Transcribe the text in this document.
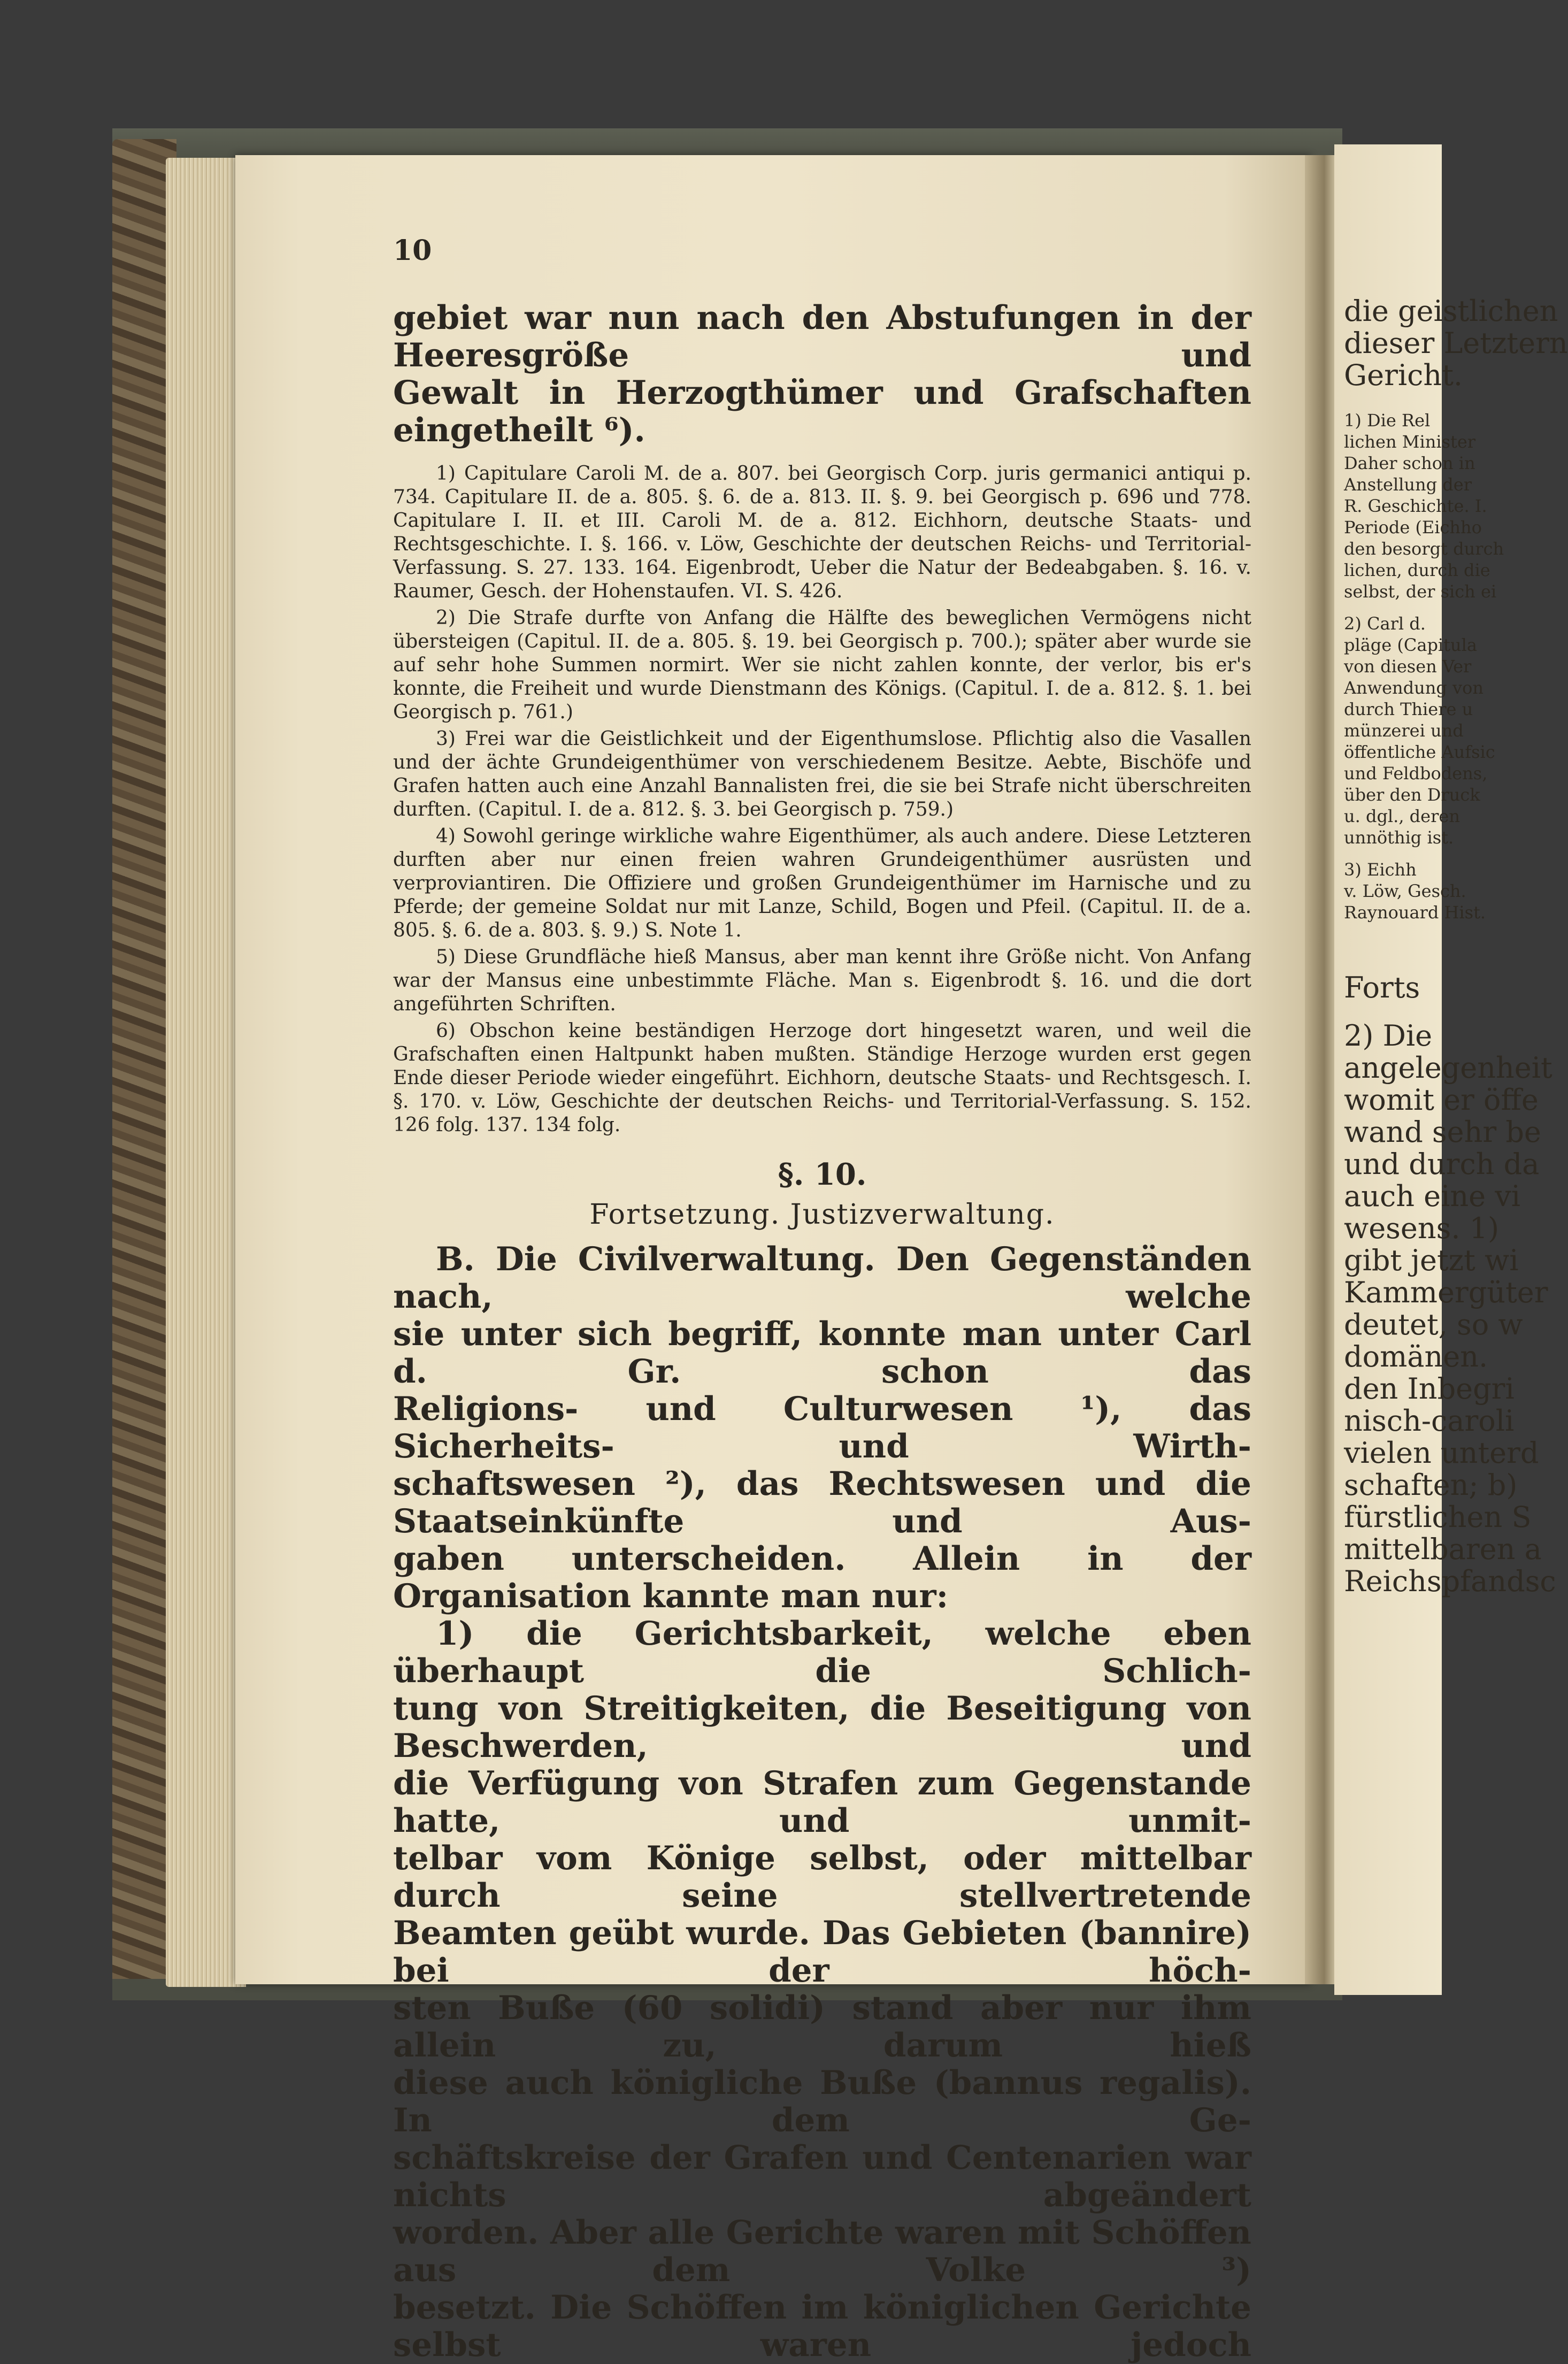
die geistlichen
dieser Letztern
Gericht.
1) Die Rel
lichen Minister
Daher schon in
Anstellung der
R. Geschichte. I.
Periode (Eichho
den besorgt durch
lichen, durch die
selbst, der sich ei
2) Carl d.
pläge (Capitula
von diesen Ver
Anwendung von
durch Thiere u
münzerei und
öffentliche Aufsic
und Feldbodens,
über den Druck
u. dgl., deren
unnöthig ist.
3) Eichh
v. Löw, Gesch.
Raynouard Hist.
Forts
2) Die
angelegenheit
womit er öffe
wand sehr be
und durch da
auch eine vi
wesens. 1)
gibt jetzt wi
Kammergüter
deutet, so w
domänen.
den Inbegri
nisch-caroli
vielen unterd
schaften; b)
fürstlichen S
mittelbaren a
Reichspfandsc
10

gebiet war nun nach den Abstufungen in der Heeresgröße und

Gewalt in Herzogthümer und Grafschaften eingetheilt ⁶).

1) Capitulare Caroli M. de a. 807. bei Georgisch Corp. juris germanici antiqui p. 734. Capitulare II. de a. 805. §. 6. de a. 813. II. §. 9. bei Georgisch p. 696 und 778. Capitulare I. II. et III. Caroli M. de a. 812. Eichhorn, deutsche Staats- und Rechtsgeschichte. I. §. 166. v. Löw, Geschichte der deutschen Reichs- und Territorial-Verfassung. S. 27. 133. 164. Eigenbrodt, Ueber die Natur der Bedeabgaben. §. 16. v. Raumer, Gesch. der Hohenstaufen. VI. S. 426.

2) Die Strafe durfte von Anfang die Hälfte des beweglichen Vermögens nicht übersteigen (Capitul. II. de a. 805. §. 19. bei Georgisch p. 700.); später aber wurde sie auf sehr hohe Summen normirt. Wer sie nicht zahlen konnte, der verlor, bis er's konnte, die Freiheit und wurde Dienstmann des Königs. (Capitul. I. de a. 812. §. 1. bei Georgisch p. 761.)

3) Frei war die Geistlichkeit und der Eigenthumslose. Pflichtig also die Vasallen und der ächte Grundeigenthümer von verschiedenem Besitze. Aebte, Bischöfe und Grafen hatten auch eine Anzahl Bannalisten frei, die sie bei Strafe nicht überschreiten durften. (Capitul. I. de a. 812. §. 3. bei Georgisch p. 759.)

4) Sowohl geringe wirkliche wahre Eigenthümer, als auch andere. Diese Letzteren durften aber nur einen freien wahren Grundeigenthümer ausrüsten und verproviantiren. Die Offiziere und großen Grundeigenthümer im Harnische und zu Pferde; der gemeine Soldat nur mit Lanze, Schild, Bogen und Pfeil. (Capitul. II. de a. 805. §. 6. de a. 803. §. 9.) S. Note 1.

5) Diese Grundfläche hieß Mansus, aber man kennt ihre Größe nicht. Von Anfang war der Mansus eine unbestimmte Fläche. Man s. Eigenbrodt §. 16. und die dort angeführten Schriften.

6) Obschon keine beständigen Herzoge dort hingesetzt waren, und weil die Grafschaften einen Haltpunkt haben mußten. Ständige Herzoge wurden erst gegen Ende dieser Periode wieder eingeführt. Eichhorn, deutsche Staats- und Rechtsgesch. I. §. 170. v. Löw, Geschichte der deutschen Reichs- und Territorial-Verfassung. S. 152. 126 folg. 137. 134 folg.

§. 10.

Fortsetzung. Justizverwaltung.

B. Die Civilverwaltung. Den Gegenständen nach, welche

sie unter sich begriff, konnte man unter Carl d. Gr. schon das

Religions- und Culturwesen ¹), das Sicherheits- und Wirth-

schaftswesen ²), das Rechtswesen und die Staatseinkünfte und Aus-

gaben unterscheiden. Allein in der Organisation kannte man nur:

1) die Gerichtsbarkeit, welche eben überhaupt die Schlich-

tung von Streitigkeiten, die Beseitigung von Beschwerden, und

die Verfügung von Strafen zum Gegenstande hatte, und unmit-

telbar vom Könige selbst, oder mittelbar durch seine stellvertretende

Beamten geübt wurde. Das Gebieten (bannire) bei der höch-

sten Buße (60 solidi) stand aber nur ihm allein zu, darum hieß

diese auch königliche Buße (bannus regalis). In dem Ge-

schäftskreise der Grafen und Centenarien war nichts abgeändert

worden. Aber alle Gerichte waren mit Schöffen aus dem Volke ³)

besetzt. Die Schöffen im königlichen Gerichte selbst waren jedoch
